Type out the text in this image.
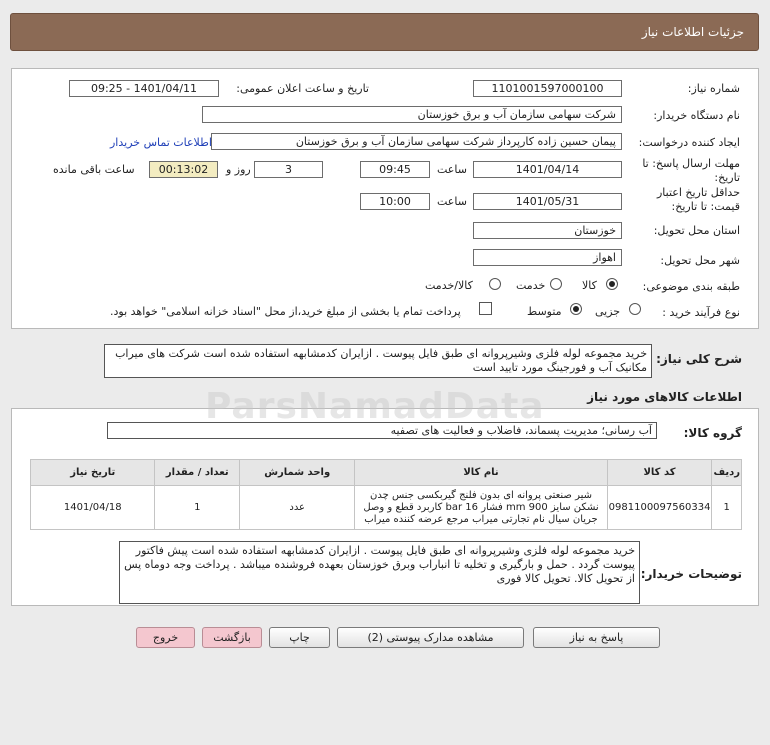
جزئیات اطلاعات نیاز
شماره نیاز:
1101001597000100
تاریخ و ساعت اعلان عمومی:
1401/04/11 - 09:25
نام دستگاه خریدار:
شرکت سهامی سازمان آب و برق خوزستان
ایجاد کننده درخواست:
پیمان حسین زاده کارپرداز شرکت سهامی سازمان آب و برق خوزستان
اطلاعات تماس خریدار
مهلت ارسال پاسخ: تا تاریخ:
1401/04/14
ساعت
09:45
3
روز و
00:13:02
ساعت باقی مانده
حداقل تاریخ اعتبار قیمت: تا تاریخ:
1401/05/31
ساعت
10:00
استان محل تحویل:
خوزستان
شهر محل تحویل:
اهواز
طبقه بندی موضوعی:
کالا
خدمت
کالا/خدمت
نوع فرآیند خرید :
جزیی
متوسط
پرداخت تمام یا بخشی از مبلغ خرید،از محل "اسناد خزانه اسلامی" خواهد بود.
شرح کلی نیاز:
خرید مجموعه لوله فلزی وشیرپروانه ای طبق فایل پیوست . ازایران کدمشابهه استفاده شده است شرکت های میراب مکانیک آب و فورجینگ مورد تایید است
اطلاعات کالاهای مورد نیاز
گروه کالا:
آب رسانی؛ مدیریت پسماند، فاضلاب و فعالیت های تصفیه
ردیف	کد کالا	نام کالا	واحد شمارش	تعداد / مقدار	تاریخ نیاز
1	0981100097560334	شیر صنعتی پروانه ای بدون فلنج گیربکسی جنس چدن نشکن سایز 900 mm فشار 16 bar کاربرد قطع و وصل جریان سیال نام تجارتی میراب مرجع عرضه کننده میراب	عدد	1	1401/04/18
توضیحات خریدار:
خرید مجموعه لوله فلزی وشیرپروانه ای طبق فایل پیوست . ازایران کدمشابهه استفاده شده است پیش فاکتور پیوست گردد . حمل و بارگیری و تخلیه تا انباراب وبرق خوزستان بعهده فروشنده میباشد . پرداخت وجه دوماه پس از تحویل کالا. تحویل کالا فوری
پاسخ به نیاز
مشاهده مدارک پیوستی (2)
چاپ
بازگشت
خروج
ParsNamadData
